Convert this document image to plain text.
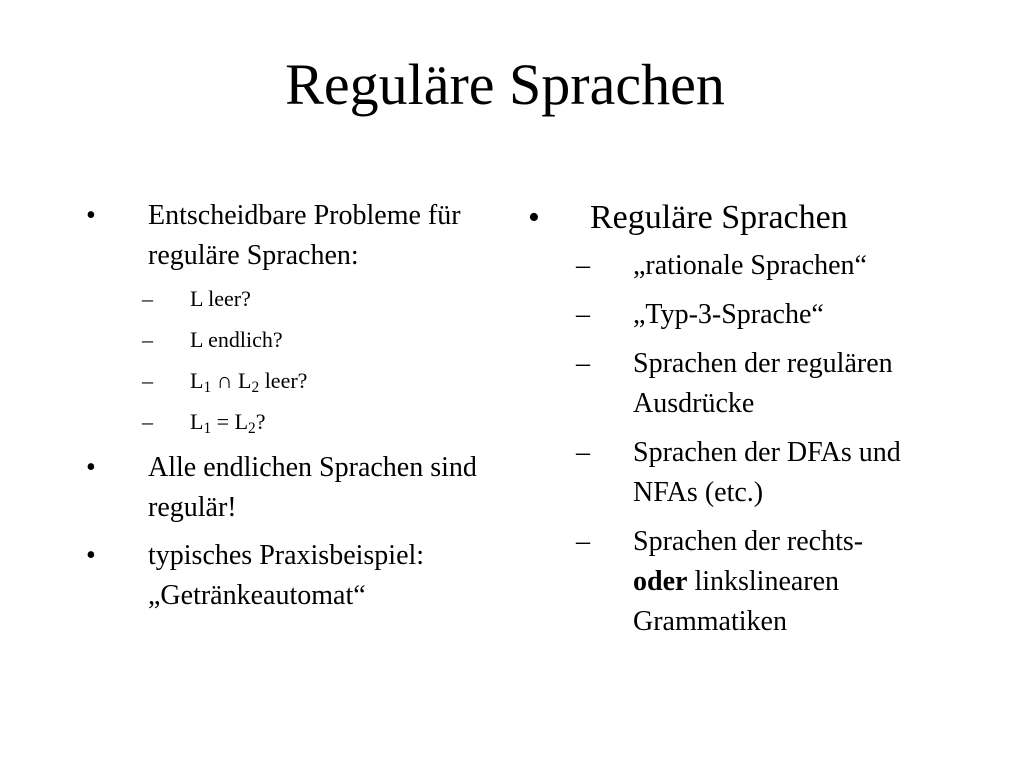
Reguläre Sprachen
• Entscheidbare Probleme für reguläre Sprachen:
– L leer?
– L endlich?
– $L_1$ ∩ $L_2$ leer?
– $L_1 = L_2$?
• Alle endlichen Sprachen sind regulär!
• typisches Praxisbeispiel: „Getränkeautomat“
• Reguläre Sprachen
– „rationale Sprachen“
– „Typ-3-Sprache“
– Sprachen der regulären Ausdrücke
– Sprachen der DFAs und NFAs (etc.)
– Sprachen der rechts-
oder linkslinearen Grammatiken
